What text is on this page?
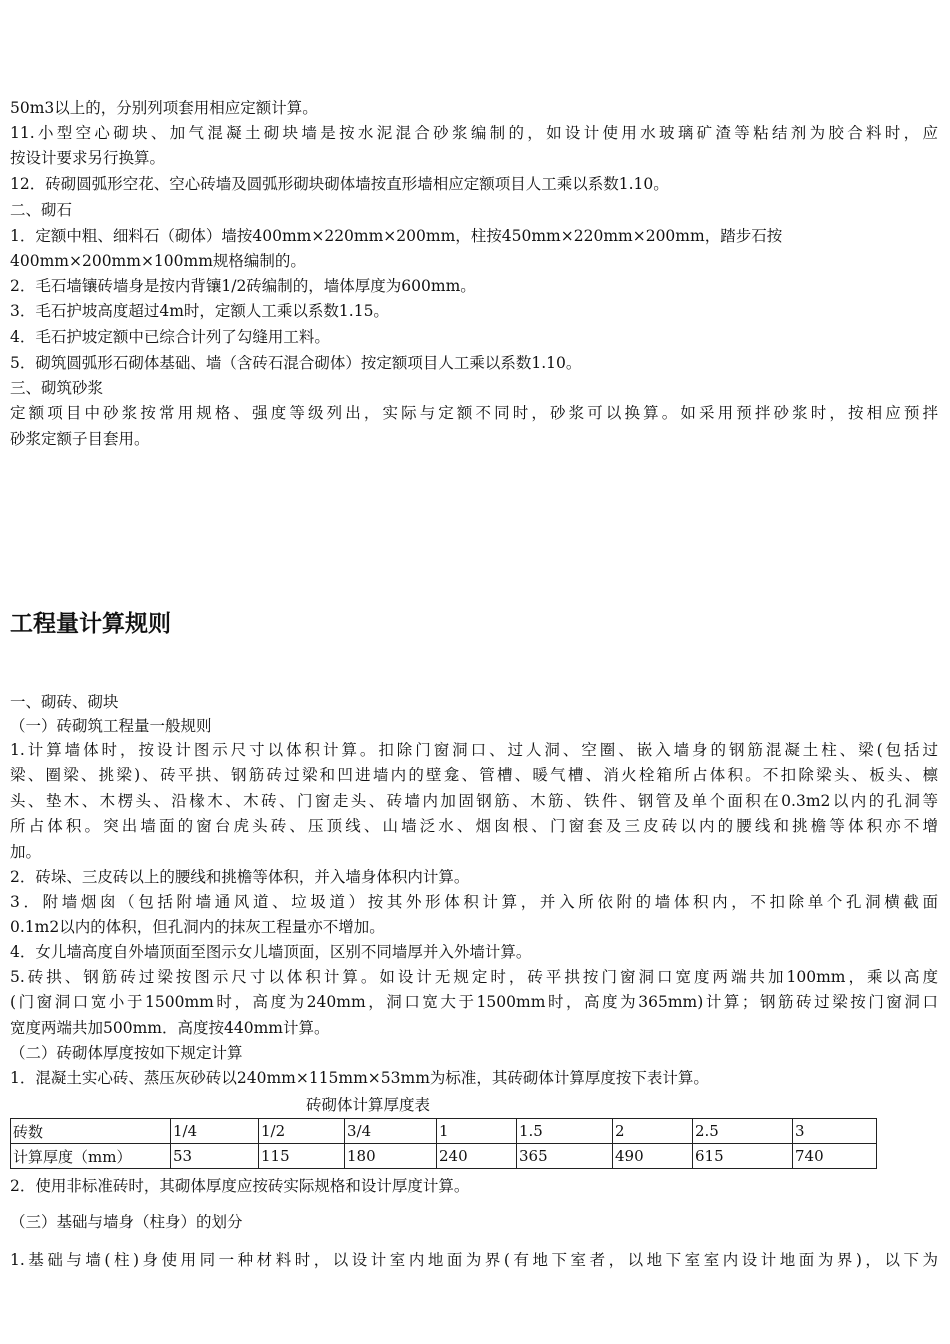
50m3以上的，分别列项套用相应定额计算。
11.小型空心砌块、加气混凝土砌块墙是按水泥混合砂浆编制的，如设计使用水玻璃矿渣等粘结剂为胶合料时，应
按设计要求另行换算。
12．砖砌圆弧形空花、空心砖墙及圆弧形砌块砌体墙按直形墙相应定额项目人工乘以系数1.10。
二、砌石
1．定额中粗、细料石（砌体）墙按400mm×220mm×200mm，柱按450mm×220mm×200mm，踏步石按
400mm×200mm×100mm规格编制的。
2．毛石墙镶砖墙身是按内背镶1/2砖编制的，墙体厚度为600mm。
3．毛石护坡高度超过4m时，定额人工乘以系数1.15。
4．毛石护坡定额中已综合计列了勾缝用工料。
5．砌筑圆弧形石砌体基础、墙（含砖石混合砌体）按定额项目人工乘以系数1.10。
三、砌筑砂浆
定额项目中砂浆按常用规格、强度等级列出，实际与定额不同时，砂浆可以换算。如采用预拌砂浆时，按相应预拌
砂浆定额子目套用。
工程量计算规则
一、砌砖、砌块
（一）砖砌筑工程量一般规则
1.计算墙体时，按设计图示尺寸以体积计算。扣除门窗洞口、过人洞、空圈、嵌入墙身的钢筋混凝土柱、梁(包括过
梁、圈梁、挑梁)、砖平拱、钢筋砖过梁和凹进墙内的壁龛、管槽、暖气槽、消火栓箱所占体积。不扣除梁头、板头、檩
头、垫木、木楞头、沿椽木、木砖、门窗走头、砖墙内加固钢筋、木筋、铁件、钢管及单个面积在0.3m2以内的孔洞等
所占体积。突出墙面的窗台虎头砖、压顶线、山墙泛水、烟囱根、门窗套及三皮砖以内的腰线和挑檐等体积亦不增
加。
2．砖垛、三皮砖以上的腰线和挑檐等体积，并入墙身体积内计算。
3．附墙烟囱（包括附墙通风道、垃圾道）按其外形体积计算，并入所依附的墙体积内，不扣除单个孔洞横截面
0.1m2以内的体积，但孔洞内的抹灰工程量亦不增加。
4．女儿墙高度自外墙顶面至图示女儿墙顶面，区别不同墙厚并入外墙计算。
5.砖拱、钢筋砖过梁按图示尺寸以体积计算。如设计无规定时，砖平拱按门窗洞口宽度两端共加100mm，乘以高度
(门窗洞口宽小于1500mm时，高度为240mm，洞口宽大于1500mm时，高度为365mm)计算；钢筋砖过梁按门窗洞口
宽度两端共加500mm．高度按440mm计算。
（二）砖砌体厚度按如下规定计算
1．混凝土实心砖、蒸压灰砂砖以240mm×115mm×53mm为标准，其砖砌体计算厚度按下表计算。
砖砌体计算厚度表
砖数	1/4	1/2	3/4	1	1.5	2	2.5	3
计算厚度（mm）	53	115	180	240	365	490	615	740
2．使用非标准砖时，其砌体厚度应按砖实际规格和设计厚度计算。
（三）基础与墙身（柱身）的划分
1.基础与墙(柱)身使用同一种材料时，以设计室内地面为界(有地下室者，以地下室室内设计地面为界)，以下为
